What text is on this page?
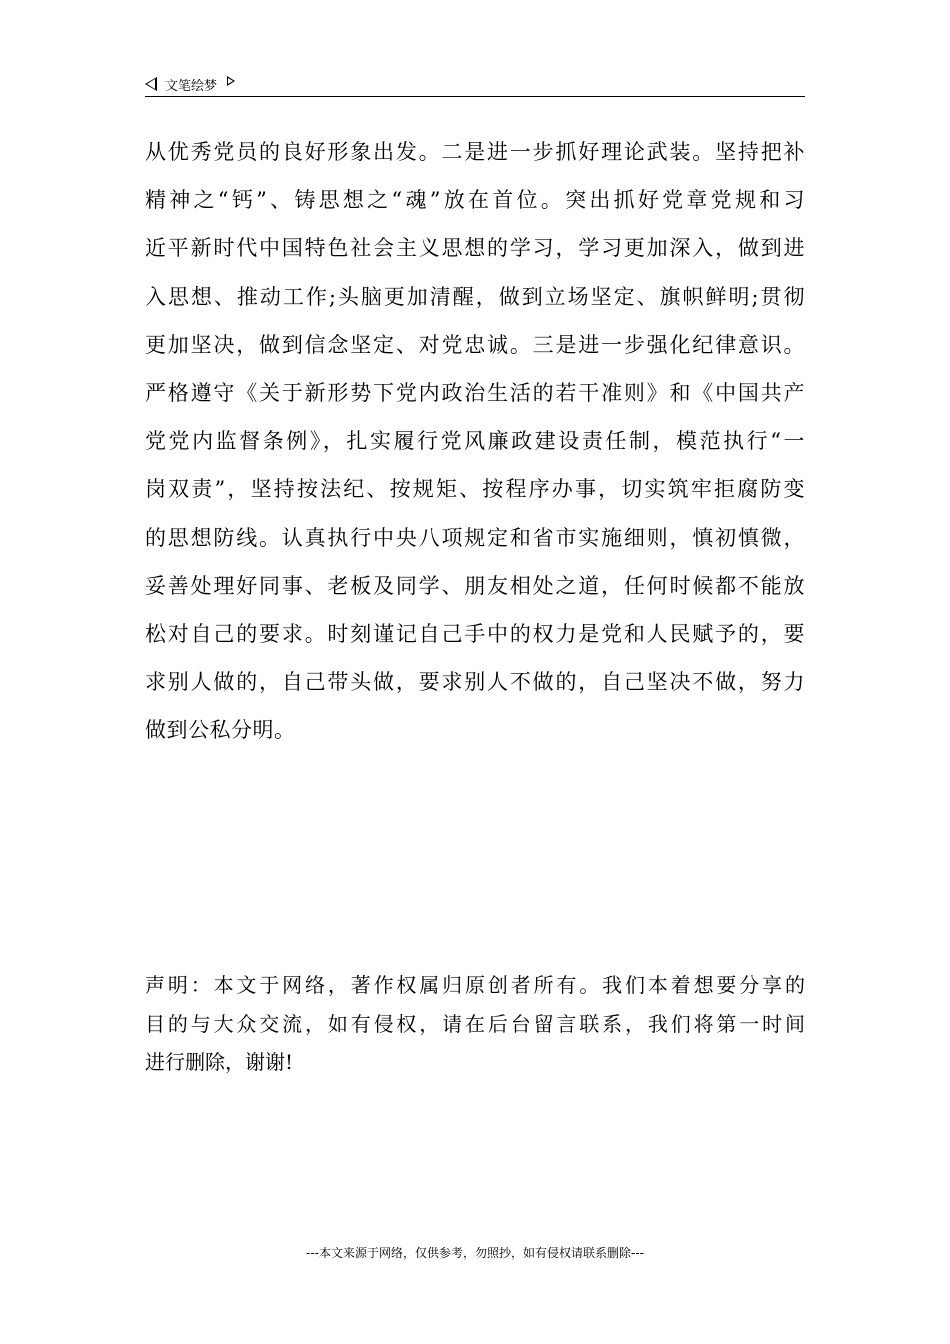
文笔绘梦
从优秀党员的良好形象出发。二是进一步抓好理论武装。坚持把补
精神之“钙”、铸思想之“魂”放在首位。突出抓好党章党规和习
近平新时代中国特色社会主义思想的学习，学习更加深入，做到进
入思想、推动工作;头脑更加清醒，做到立场坚定、旗帜鲜明;贯彻
更加坚决，做到信念坚定、对党忠诚。三是进一步强化纪律意识。
严格遵守《关于新形势下党内政治生活的若干准则》和《中国共产
党党内监督条例》，扎实履行党风廉政建设责任制，模范执行“一
岗双责”，坚持按法纪、按规矩、按程序办事，切实筑牢拒腐防变
的思想防线。认真执行中央八项规定和省市实施细则，慎初慎微，
妥善处理好同事、老板及同学、朋友相处之道，任何时候都不能放
松对自己的要求。时刻谨记自己手中的权力是党和人民赋予的，要
求别人做的，自己带头做，要求别人不做的，自己坚决不做，努力
做到公私分明。
声明：本文于网络，著作权属归原创者所有。我们本着想要分享的
目的与大众交流，如有侵权，请在后台留言联系，我们将第一时间
进行删除，谢谢!
---本文来源于网络，仅供参考，勿照抄，如有侵权请联系删除---
